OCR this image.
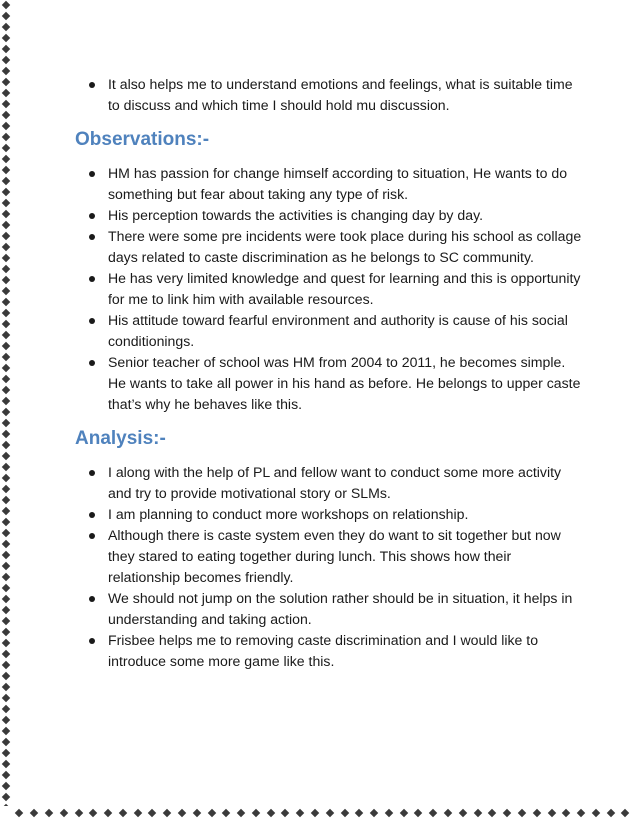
It also helps me to understand emotions and feelings, what is suitable time to discuss and which time I should hold mu discussion.
Observations:-
HM has passion for change himself according to situation, He wants to do something but fear about taking any type of risk.
His perception towards the activities is changing day by day.
There were some pre incidents were took place during his school as collage days related to caste discrimination as he belongs to SC community.
He has very limited knowledge and quest for learning and this is opportunity for me to link him with available resources.
His attitude toward fearful environment and authority is cause of his social conditionings.
Senior teacher of school was HM from 2004 to 2011, he becomes simple. He wants to take all power in his hand as before. He belongs to upper caste that’s why he behaves like this.
Analysis:-
I along with the help of PL and fellow want to conduct some more activity and try to provide motivational story or SLMs.
I am planning to conduct more workshops on relationship.
Although there is caste system even they do want to sit together but now they stared to eating together during lunch. This shows how their relationship becomes friendly.
We should not jump on the solution rather should be in situation, it helps in understanding and taking action.
Frisbee helps me to removing caste discrimination and I would like to introduce some more game like this.
